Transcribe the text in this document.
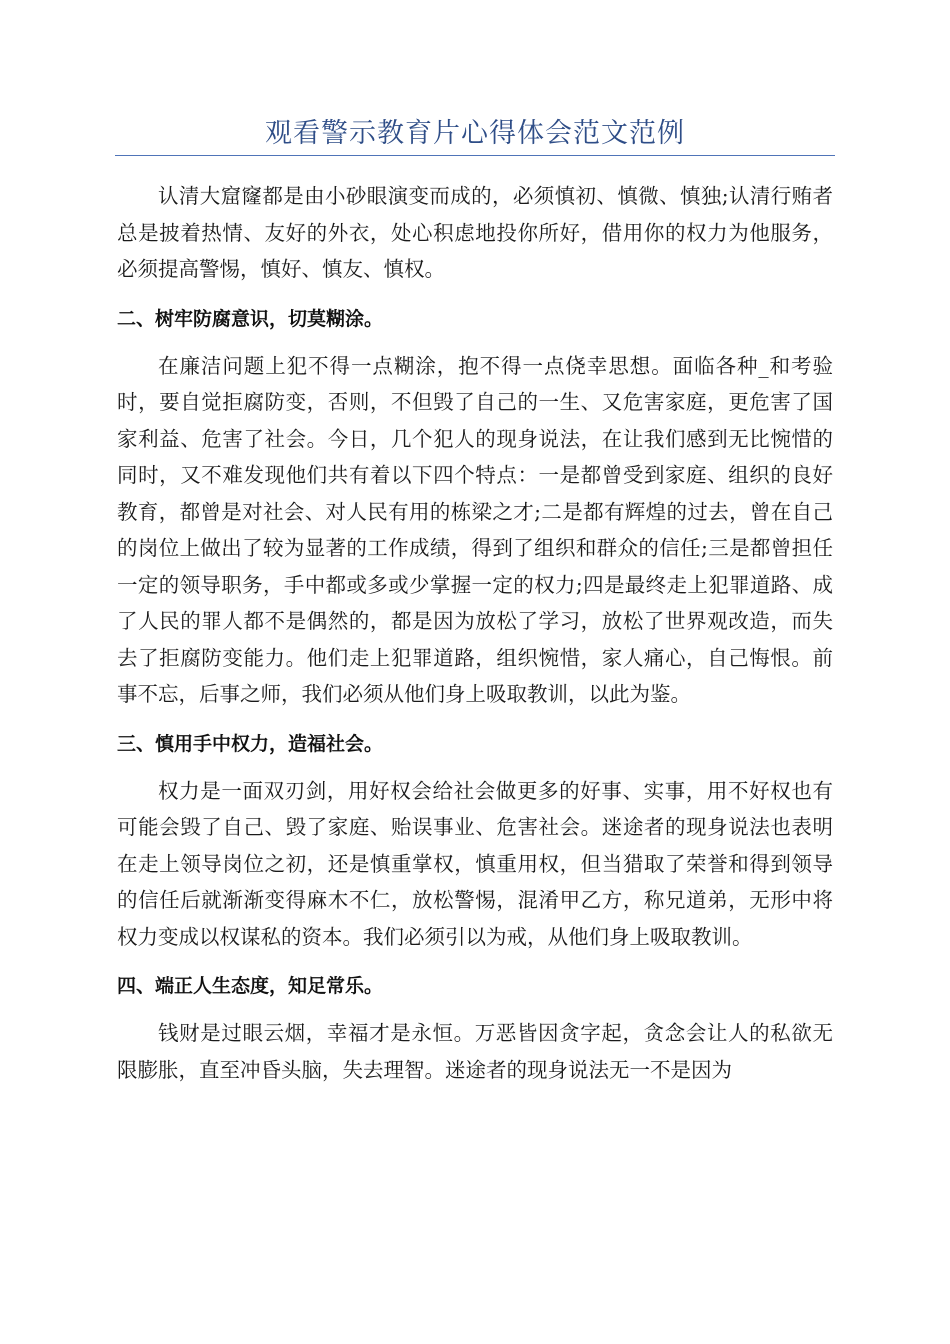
观看警示教育片心得体会范文范例

认清大窟窿都是由小砂眼演变而成的，必须慎初、慎微、慎独;认清行贿者总是披着热情、友好的外衣，处心积虑地投你所好，借用你的权力为他服务，必须提高警惕，慎好、慎友、慎权。

二、树牢防腐意识，切莫糊涂。

在廉洁问题上犯不得一点糊涂，抱不得一点侥幸思想。面临各种_和考验时，要自觉拒腐防变，否则，不但毁了自己的一生、又危害家庭，更危害了国家利益、危害了社会。今日，几个犯人的现身说法，在让我们感到无比惋惜的同时，又不难发现他们共有着以下四个特点：一是都曾受到家庭、组织的良好教育，都曾是对社会、对人民有用的栋梁之才;二是都有辉煌的过去，曾在自己的岗位上做出了较为显著的工作成绩，得到了组织和群众的信任;三是都曾担任一定的领导职务，手中都或多或少掌握一定的权力;四是最终走上犯罪道路、成了人民的罪人都不是偶然的，都是因为放松了学习，放松了世界观改造，而失去了拒腐防变能力。他们走上犯罪道路，组织惋惜，家人痛心，自己悔恨。前事不忘，后事之师，我们必须从他们身上吸取教训，以此为鉴。

三、慎用手中权力，造福社会。

权力是一面双刃剑，用好权会给社会做更多的好事、实事，用不好权也有可能会毁了自己、毁了家庭、贻误事业、危害社会。迷途者的现身说法也表明在走上领导岗位之初，还是慎重掌权，慎重用权，但当猎取了荣誉和得到领导的信任后就渐渐变得麻木不仁，放松警惕，混淆甲乙方，称兄道弟，无形中将权力变成以权谋私的资本。我们必须引以为戒，从他们身上吸取教训。

四、端正人生态度，知足常乐。

钱财是过眼云烟，幸福才是永恒。万恶皆因贪字起，贪念会让人的私欲无限膨胀，直至冲昏头脑，失去理智。迷途者的现身说法无一不是因为
